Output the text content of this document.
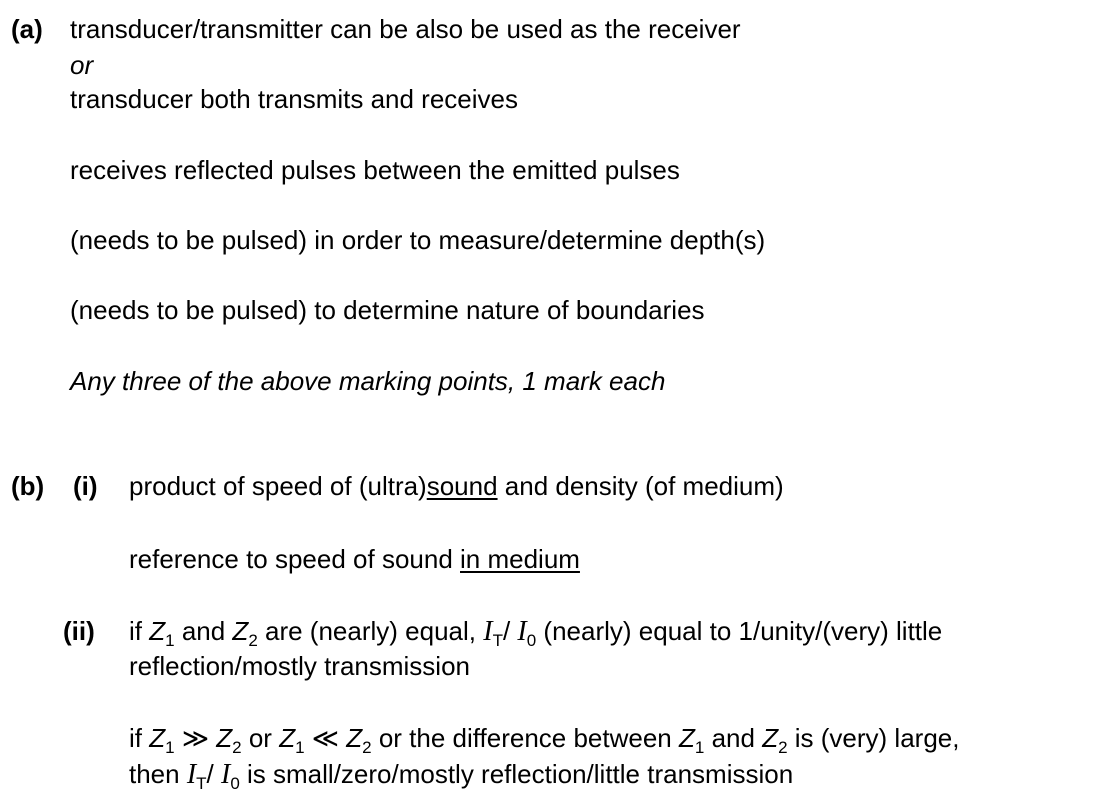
(a) transducer/transmitter can be also be used as the receiver
or
transducer both transmits and receives
receives reflected pulses between the emitted pulses
(needs to be pulsed) in order to measure/determine depth(s)
(needs to be pulsed) to determine nature of boundaries
Any three of the above marking points, 1 mark each
(b) (i) product of speed of (ultra)sound and density (of medium)
reference to speed of sound in medium
(ii) if $Z_1$ and $Z_2$ are (nearly) equal, $I_T/$ $I_0$ (nearly) equal to 1/unity/(very) little
reflection/mostly transmission
if $Z_1$ ≫ $Z_2$ or $Z_1$ ≪ $Z_2$ or the difference between $Z_1$ and $Z_2$ is (very) large,
then $I_T/$ $I_0$ is small/zero/mostly reflection/little transmission
